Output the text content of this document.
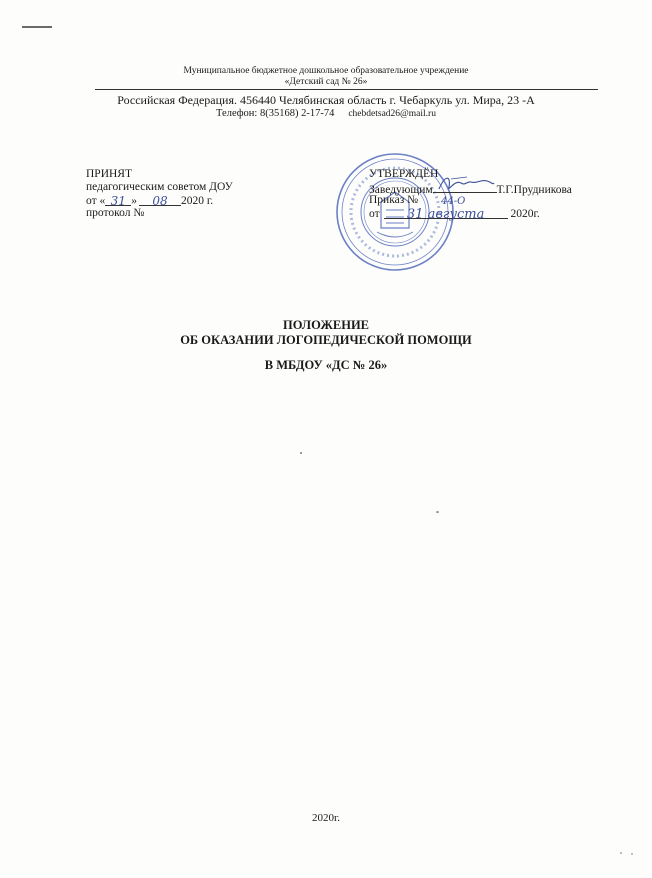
Муниципальное бюджетное дошкольное образовательное учреждение
«Детский сад № 26»
Российская Федерация. 456440 Челябинская область г. Чебаркуль ул. Мира, 23 -А
Телефон: 8(35168) 2-17-74 chebdetsad26@mail.ru
ПРИНЯТ
педагогическим советом ДОУ
от « 31 » 08 2020 г.
протокол №
УТВЕРЖДЁН
Заведующим	Т.Г.Прудникова
Приказ № 44-О
от 31 августа 2020г.
ПОЛОЖЕНИЕ
ОБ ОКАЗАНИИ ЛОГОПЕДИЧЕСКОЙ ПОМОЩИ
В МБДОУ «ДС № 26»
2020г.
